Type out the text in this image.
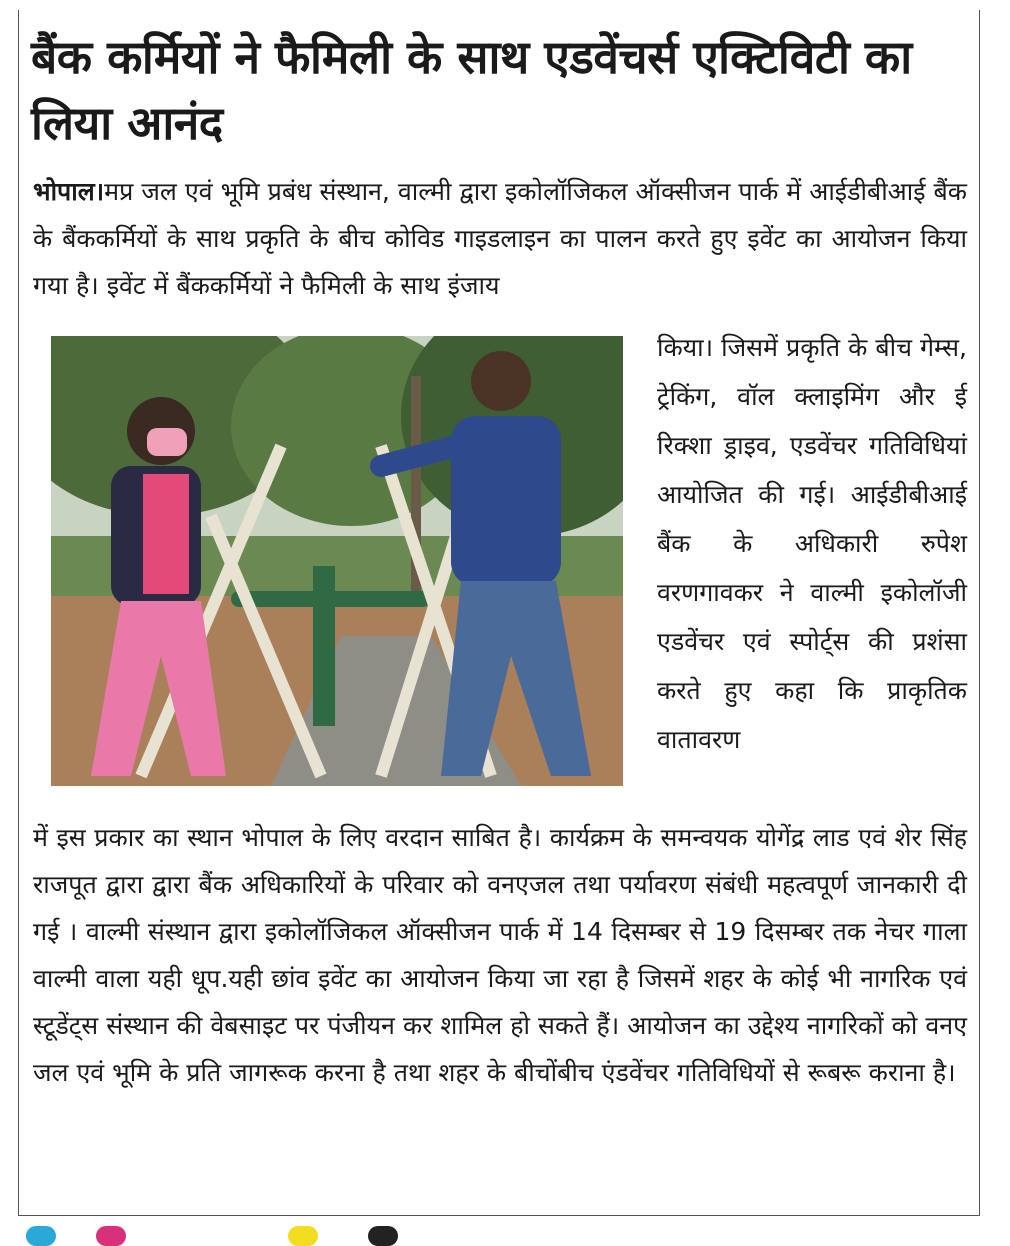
बैंक कर्मियों ने फैमिली के साथ एडवेंचर्स एक्टिविटी का लिया आनंद

भोपाल।मप्र जल एवं भूमि प्रबंध संस्थान, वाल्मी द्वारा इकोलॉजिकल ऑक्सीजन पार्क में आईडीबीआई बैंक के बैंककर्मियों के साथ प्रकृति के बीच कोविड गाइडलाइन का पालन करते हुए इवेंट का आयोजन किया गया है। इवेंट में बैंककर्मियों ने फैमिली के साथ इंजाय

किया। जिसमें प्रकृति के बीच गेम्स, ट्रेकिंग, वॉल क्लाइमिंग और ई रिक्शा ड्राइव, एडवेंचर गतिविधियां आयोजित की गई। आईडीबीआई बैंक के अधिकारी रुपेश वरणगावकर ने वाल्मी इकोलॉजी एडवेंचर एवं स्पोर्ट्स की प्रशंसा करते हुए कहा कि प्राकृतिक वातावरण

में इस प्रकार का स्थान भोपाल के लिए वरदान साबित है। कार्यक्रम के समन्वयक योगेंद्र लाड एवं शेर सिंह राजपूत द्वारा द्वारा बैंक अधिकारियों के परिवार को वनएजल तथा पर्यावरण संबंधी महत्वपूर्ण जानकारी दी गई । वाल्मी संस्थान द्वारा इकोलॉजिकल ऑक्सीजन पार्क में 14 दिसम्बर से 19 दिसम्बर तक नेचर गाला वाल्मी वाला यही धूप.यही छांव इवेंट का आयोजन किया जा रहा है जिसमें शहर के कोई भी नागरिक एवं स्टूडेंट्स संस्थान की वेबसाइट पर पंजीयन कर शामिल हो सकते हैं। आयोजन का उद्देश्य नागरिकों को वनए जल एवं भूमि के प्रति जागरूक करना है तथा शहर के बीचोंबीच एंडवेंचर गतिविधियों से रूबरू कराना है।
